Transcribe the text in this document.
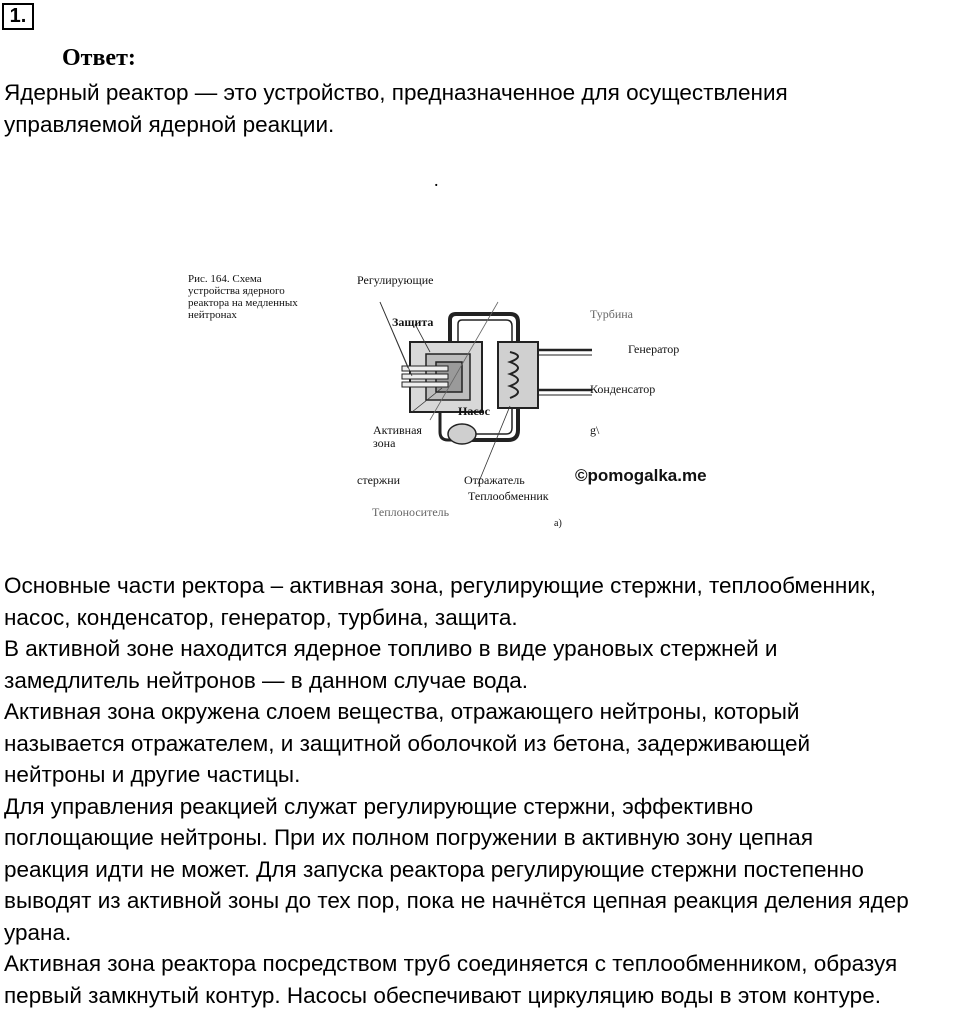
1.
Ответ:

Ядерный реактор — это устройство, предназначенное для осуществления
управляемой ядерной реакции.

.
Рис. 164. Схема устройства ядерного реактора на медленных нейтронах
Регулирующие
Защита
Турбина
Генератор
Конденсатор
Активная
зона
Насос
g\
стержни	Отражатель
Теплообменник
Теплоноситель
а)
©pomogalka.me

Основные части ректора – активная зона, регулирующие стержни, теплообменник,
насос, конденсатор, генератор, турбина, защита.
В активной зоне находится ядерное топливо в виде урановых стержней и
замедлитель нейтронов — в данном случае вода.
Активная зона окружена слоем вещества, отражающего нейтроны, который
называется отражателем, и защитной оболочкой из бетона, задерживающей
нейтроны и другие частицы.
Для управления реакцией служат регулирующие стержни, эффективно
поглощающие нейтроны. При их полном погружении в активную зону цепная
реакция идти не может. Для запуска реактора регулирующие стержни постепенно
выводят из активной зоны до тех пор, пока не начнётся цепная реакция деления ядер
урана.
Активная зона реактора посредством труб соединяется с теплообменником, образуя
первый замкнутый контур. Насосы обеспечивают циркуляцию воды в этом контуре.
